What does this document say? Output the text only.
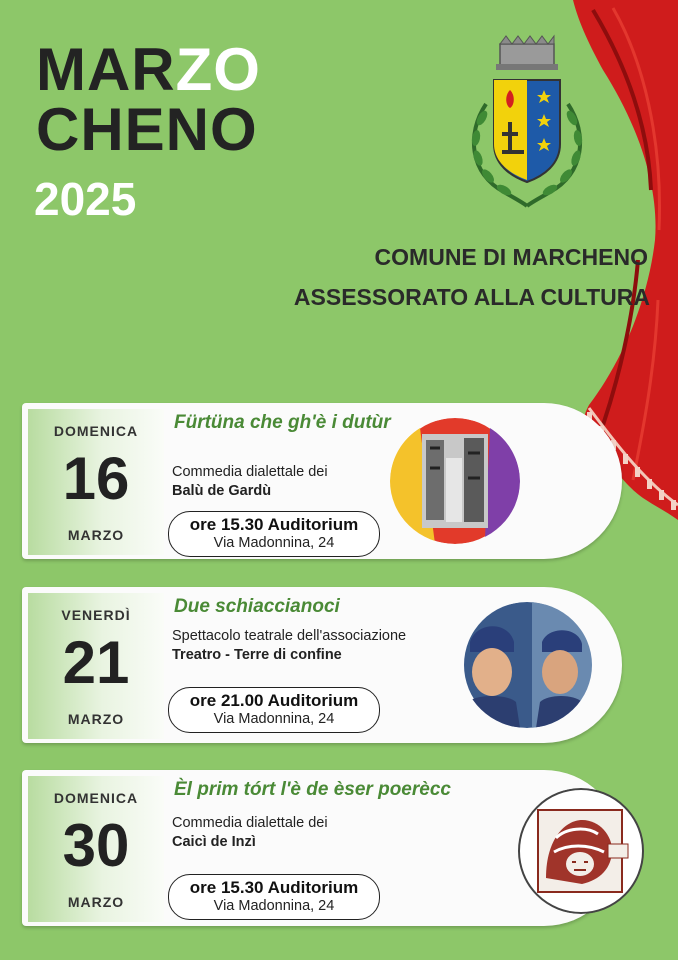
MARZO
CHENO
2025
COMUNE DI MARCHENO
ASSESSORATO ALLA CULTURA
DOMENICA
16
MARZO
Fürtüna che gh'è i dutùr
Commedia dialettale dei
Balù de Gardù
ore 15.30 Auditorium
Via Madonnina, 24
VENERDÌ
21
MARZO
Due schiaccianoci
Spettacolo teatrale dell'associazione
Treatro - Terre di confine
ore 21.00 Auditorium
Via Madonnina, 24
DOMENICA
30
MARZO
Èl prim tórt l'è de èser poerècc
Commedia dialettale dei
Caicì de Inzì
ore 15.30 Auditorium
Via Madonnina, 24
